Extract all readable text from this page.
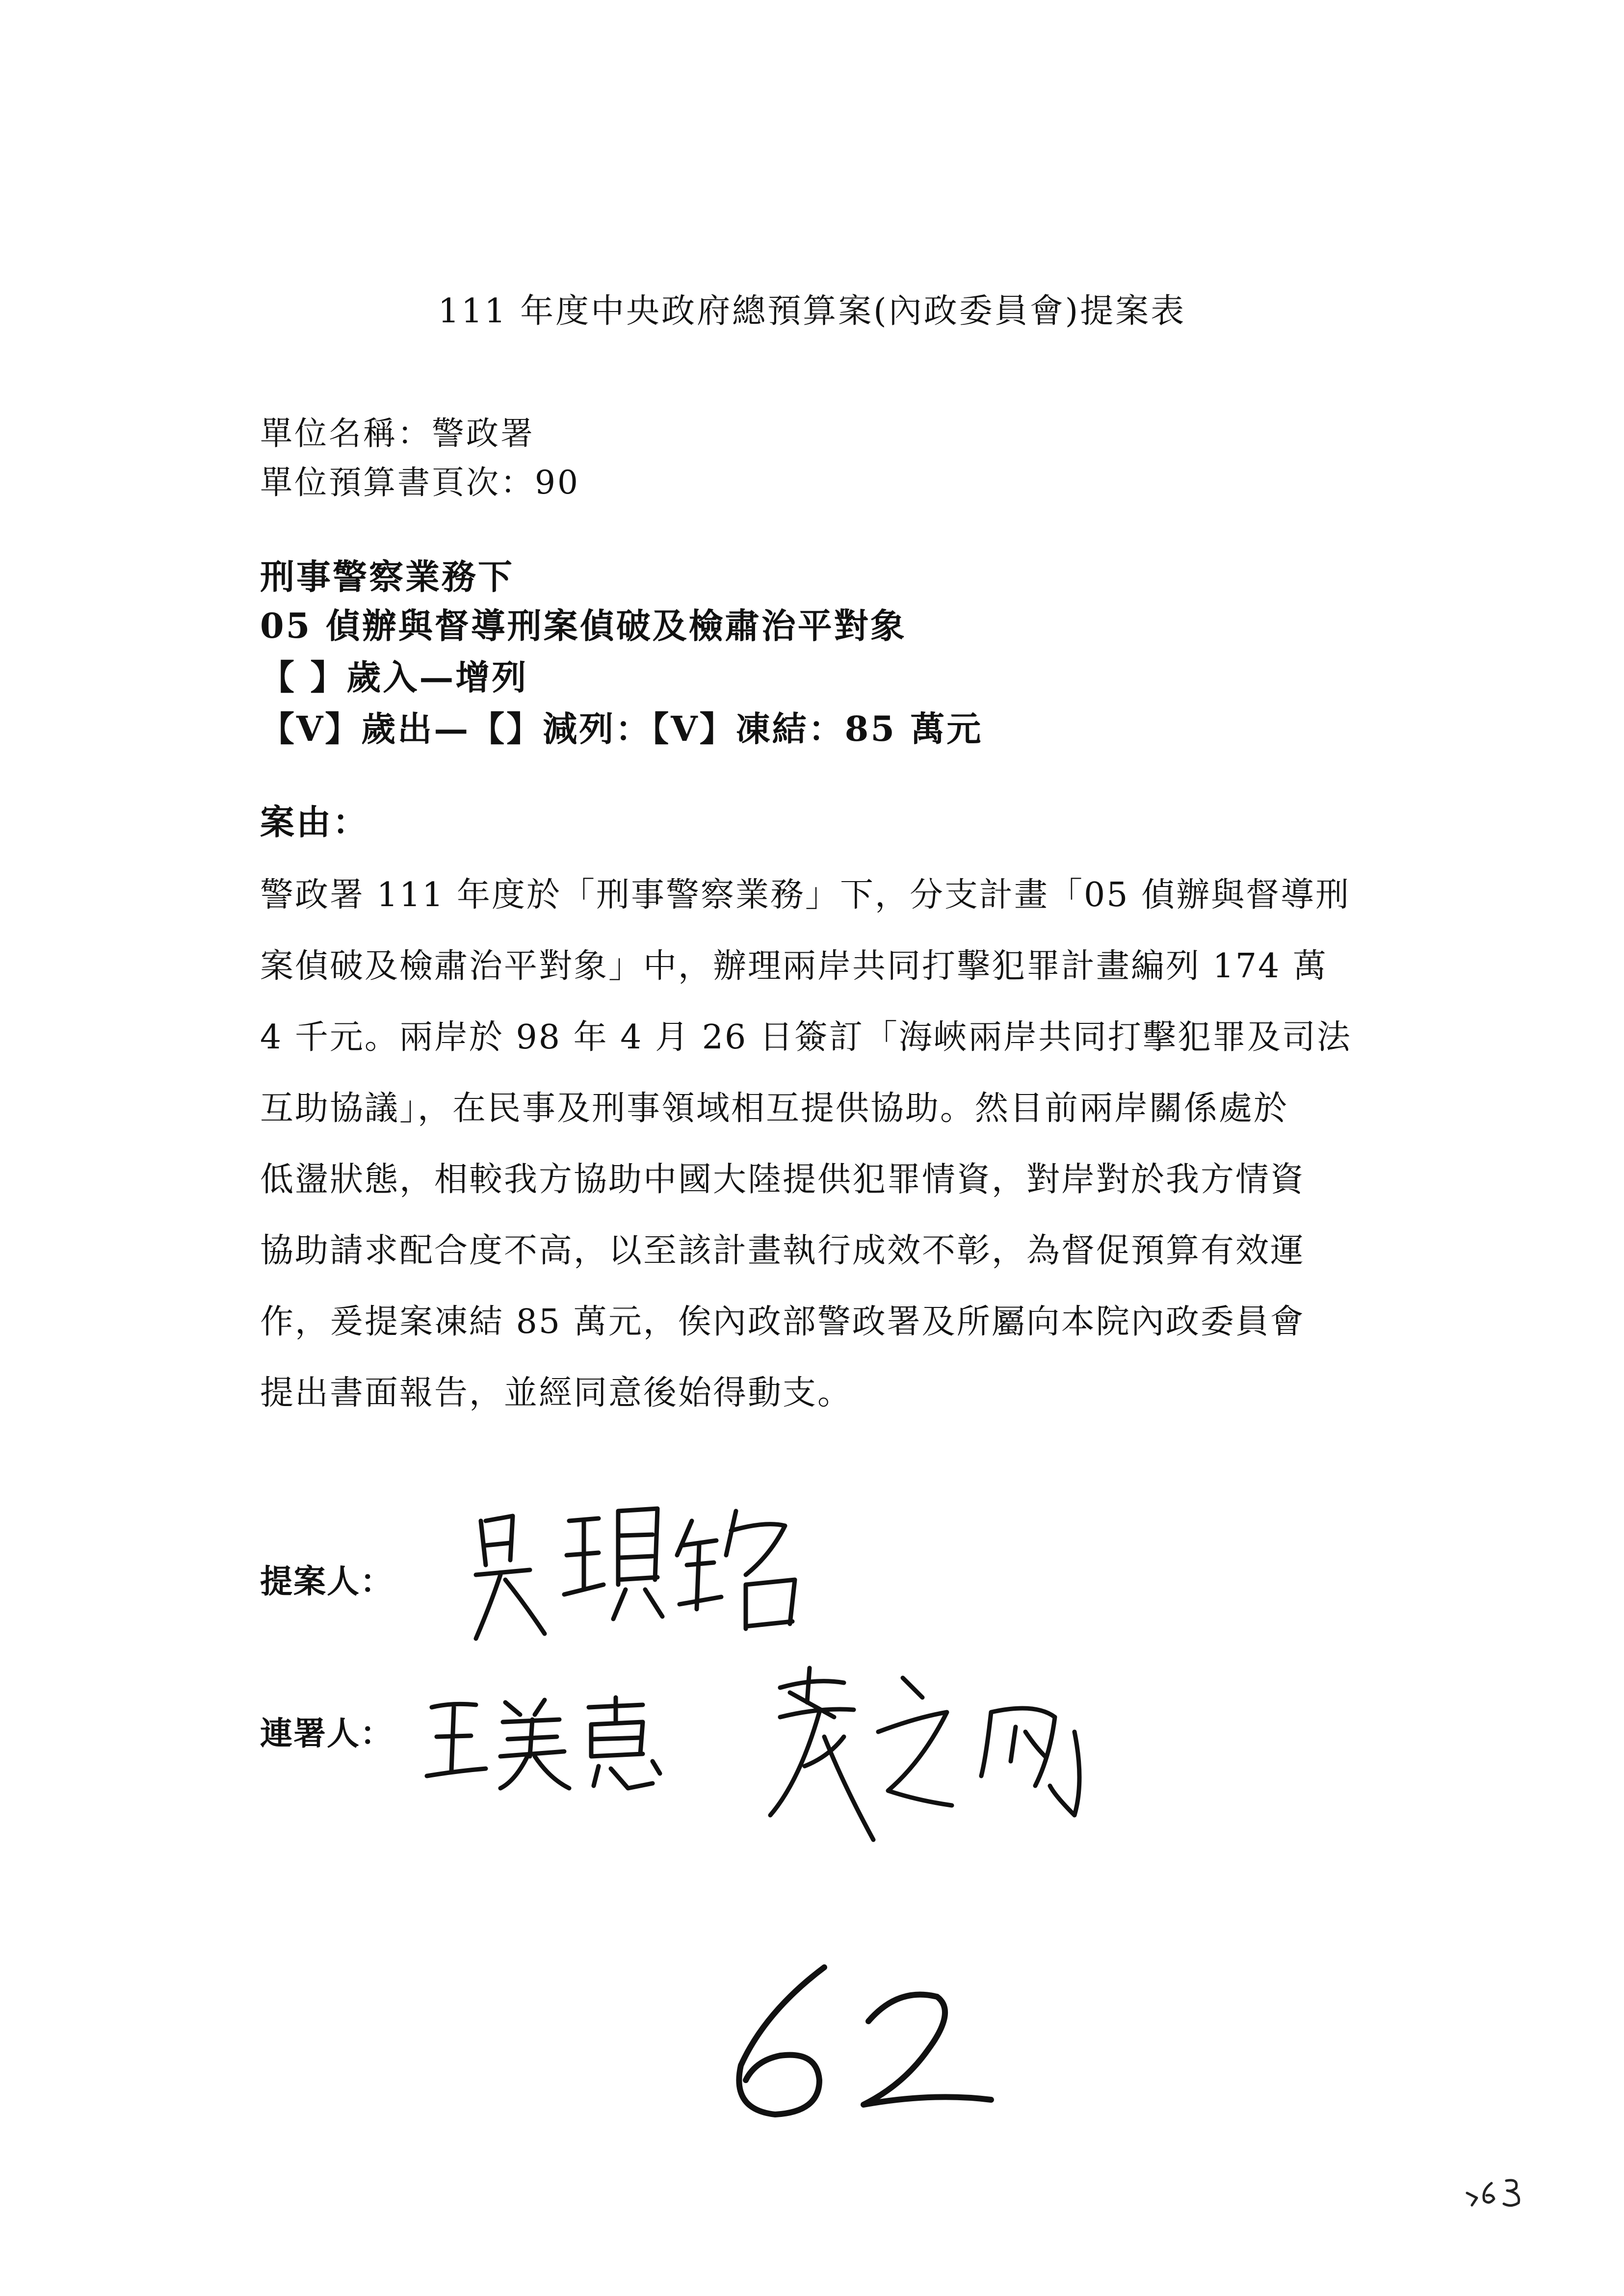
111 年度中央政府總預算案(內政委員會)提案表
單位名稱：警政署
單位預算書頁次：90
刑事警察業務下
05 偵辦與督導刑案偵破及檢肅治平對象
【 】歲入—增列
【V】歲出—【】減列：【V】凍結：85 萬元
案由：
警政署 111 年度於「刑事警察業務」下，分支計畫「05 偵辦與督導刑
案偵破及檢肅治平對象」中，辦理兩岸共同打擊犯罪計畫編列 174 萬
4 千元。兩岸於 98 年 4 月 26 日簽訂「海峽兩岸共同打擊犯罪及司法
互助協議」，在民事及刑事領域相互提供協助。然目前兩岸關係處於
低盪狀態，相較我方協助中國大陸提供犯罪情資，對岸對於我方情資
協助請求配合度不高，以至該計畫執行成效不彰，為督促預算有效運
作，爰提案凍結 85 萬元，俟內政部警政署及所屬向本院內政委員會
提出書面報告，並經同意後始得動支。
提案人：
連署人：
